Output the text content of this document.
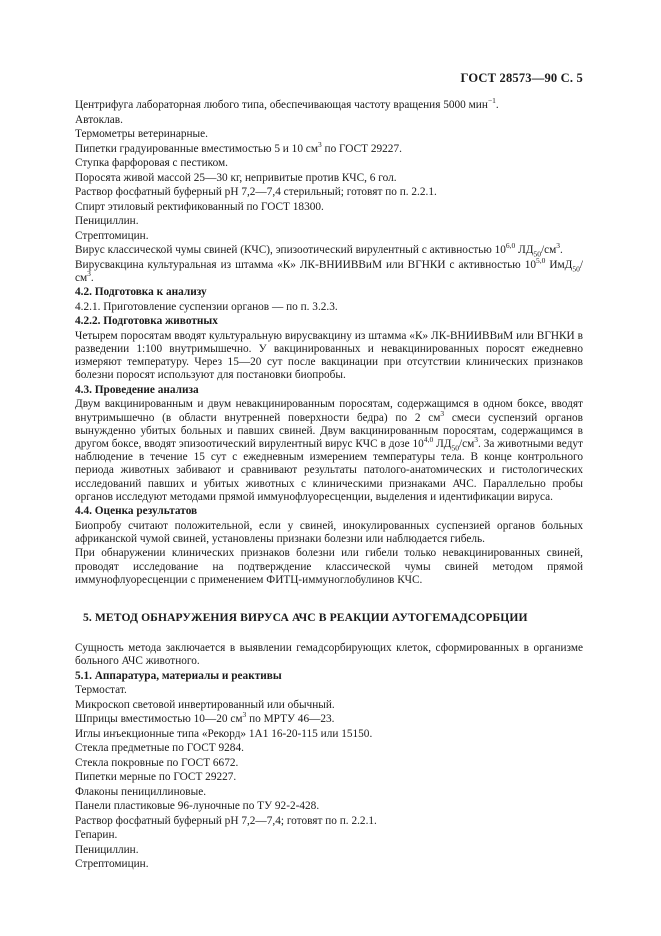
ГОСТ 28573—90 С. 5

Центрифуга лабораторная любого типа, обеспечивающая частоту вращения 5000 мин$^{-1}$.

Автоклав.

Термометры ветеринарные.

Пипетки градуированные вместимостью 5 и 10 $см^3$ по ГОСТ 29227.

Ступка фарфоровая с пестиком.

Поросята живой массой 25—30 кг, непривитые против КЧС, 6 гол.

Раствор фосфатный буферный рН 7,2—7,4 стерильный; готовят по п. 2.2.1.

Спирт этиловый ректификованный по ГОСТ 18300.

Пенициллин.

Стрептомицин.

Вирус классической чумы свиней (КЧС), эпизоотический вирулентный с активностью 10$^{6,0}$ $ЛД_{50}/см^3$.

Вирусвакцина культуральная из штамма «К» ЛК-ВНИИВВиМ или ВГНКИ с активностью 10$^{5,0}$ $ИмД_{50}/см^3$.

4.2. Подготовка к анализу

4.2.1. Приготовление суспензии органов — по п. 3.2.3.

4.2.2. Подготовка животных

Четырем поросятам вводят культуральную вирусвакцину из штамма «К» ЛК-ВНИИВВиМ или ВГНКИ в разведении 1:100 внутримышечно. У вакцинированных и невакцинированных поросят ежедневно измеряют температуру. Через 15—20 сут после вакцинации при отсутствии клинических признаков болезни поросят используют для постановки биопробы.

4.3. Проведение анализа

Двум вакцинированным и двум невакцинированным поросятам, содержащимся в одном боксе, вводят внутримышечно (в области внутренней поверхности бедра) по 2 $см^3$ смеси суспензий органов вынужденно убитых больных и павших свиней. Двум вакцинированным поросятам, содержащимся в другом боксе, вводят эпизоотический вирулентный вирус КЧС в дозе 10$^{4,0}$ $ЛД_{50}/см^3$. За животными ведут наблюдение в течение 15 сут с ежедневным измерением температуры тела. В конце контрольного периода животных забивают и сравнивают результаты патолого-анатомических и гистологических исследований павших и убитых животных с клиническими признаками АЧС. Параллельно пробы органов исследуют методами прямой иммунофлуоресценции, выделения и идентификации вируса.

4.4. Оценка результатов

Биопробу считают положительной, если у свиней, инокулированных суспензией органов больных африканской чумой свиней, установлены признаки болезни или наблюдается гибель.

При обнаружении клинических признаков болезни или гибели только невакцинированных свиней, проводят исследование на подтверждение классической чумы свиней методом прямой иммунофлуоресценции с применением ФИТЦ-иммуноглобулинов КЧС.

5. МЕТОД ОБНАРУЖЕНИЯ ВИРУСА АЧС В РЕАКЦИИ АУТОГЕМАДСОРБЦИИ

Сущность метода заключается в выявлении гемадсорбирующих клеток, сформированных в организме больного АЧС животного.

5.1. Аппаратура, материалы и реактивы

Термостат.

Микроскоп световой инвертированный или обычный.

Шприцы вместимостью 10—20 $см^3$ по МРТУ 46—23.

Иглы инъекционные типа «Рекорд» 1А1 16-20-115 или 15150.

Стекла предметные по ГОСТ 9284.

Стекла покровные по ГОСТ 6672.

Пипетки мерные по ГОСТ 29227.

Флаконы пенициллиновые.

Панели пластиковые 96-луночные по ТУ 92-2-428.

Раствор фосфатный буферный рН 7,2—7,4; готовят по п. 2.2.1.

Гепарин.

Пенициллин.

Стрептомицин.
